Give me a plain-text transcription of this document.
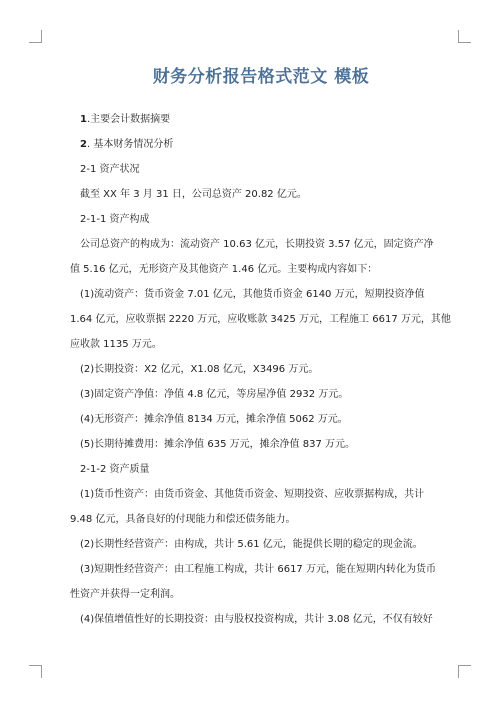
财务分析报告格式范文 模板

1.主要会计数据摘要

2. 基本财务情况分析

2-1 资产状况

截至 XX 年 3 月 31 日，公司总资产 20.82 亿元。

2-1-1 资产构成

公司总资产的构成为：流动资产 10.63 亿元，长期投资 3.57 亿元，固定资产净

值 5.16 亿元，无形资产及其他资产 1.46 亿元。主要构成内容如下：

(1)流动资产：货币资金 7.01 亿元，其他货币资金 6140 万元，短期投资净值

1.64 亿元，应收票据 2220 万元，应收账款 3425 万元，工程施工 6617 万元，其他

应收款 1135 万元。

(2)长期投资：X2 亿元，X1.08 亿元，X3496 万元。

(3)固定资产净值：净值 4.8 亿元，等房屋净值 2932 万元。

(4)无形资产：摊余净值 8134 万元，摊余净值 5062 万元。

(5)长期待摊费用：摊余净值 635 万元，摊余净值 837 万元。

2-1-2 资产质量

(1)货币性资产：由货币资金、其他货币资金、短期投资、应收票据构成，共计

9.48 亿元，具备良好的付现能力和偿还债务能力。

(2)长期性经营资产：由构成，共计 5.61 亿元，能提供长期的稳定的现金流。

(3)短期性经营资产：由工程施工构成，共计 6617 万元，能在短期内转化为货币

性资产并获得一定利润。

(4)保值增值性好的长期投资：由与股权投资构成，共计 3.08 亿元，不仅有较好
